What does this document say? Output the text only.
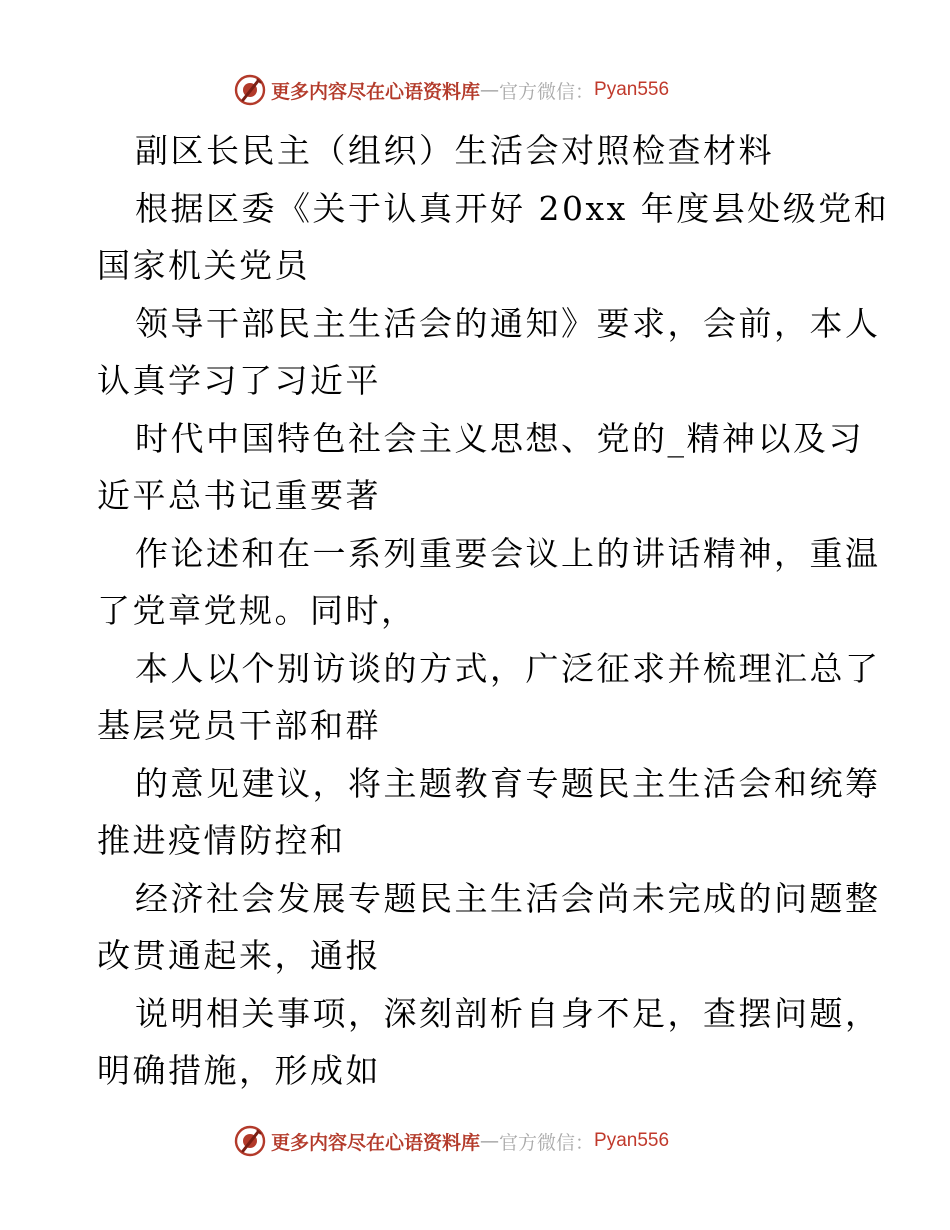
更多内容尽在心语资料库 — 官方微信： Pyan556
副区长民主（组织）生活会对照检查材料
根据区委《关于认真开好 20xx 年度县处级党和
国家机关党员
领导干部民主生活会的通知》要求，会前，本人
认真学习了习近平
时代中国特色社会主义思想、党的_精神以及习
近平总书记重要著
作论述和在一系列重要会议上的讲话精神，重温
了党章党规。同时，
本人以个别访谈的方式，广泛征求并梳理汇总了
基层党员干部和群
的意见建议，将主题教育专题民主生活会和统筹
推进疫情防控和
经济社会发展专题民主生活会尚未完成的问题整
改贯通起来，通报
说明相关事项，深刻剖析自身不足，查摆问题，
明确措施，形成如
更多内容尽在心语资料库 — 官方微信： Pyan556
